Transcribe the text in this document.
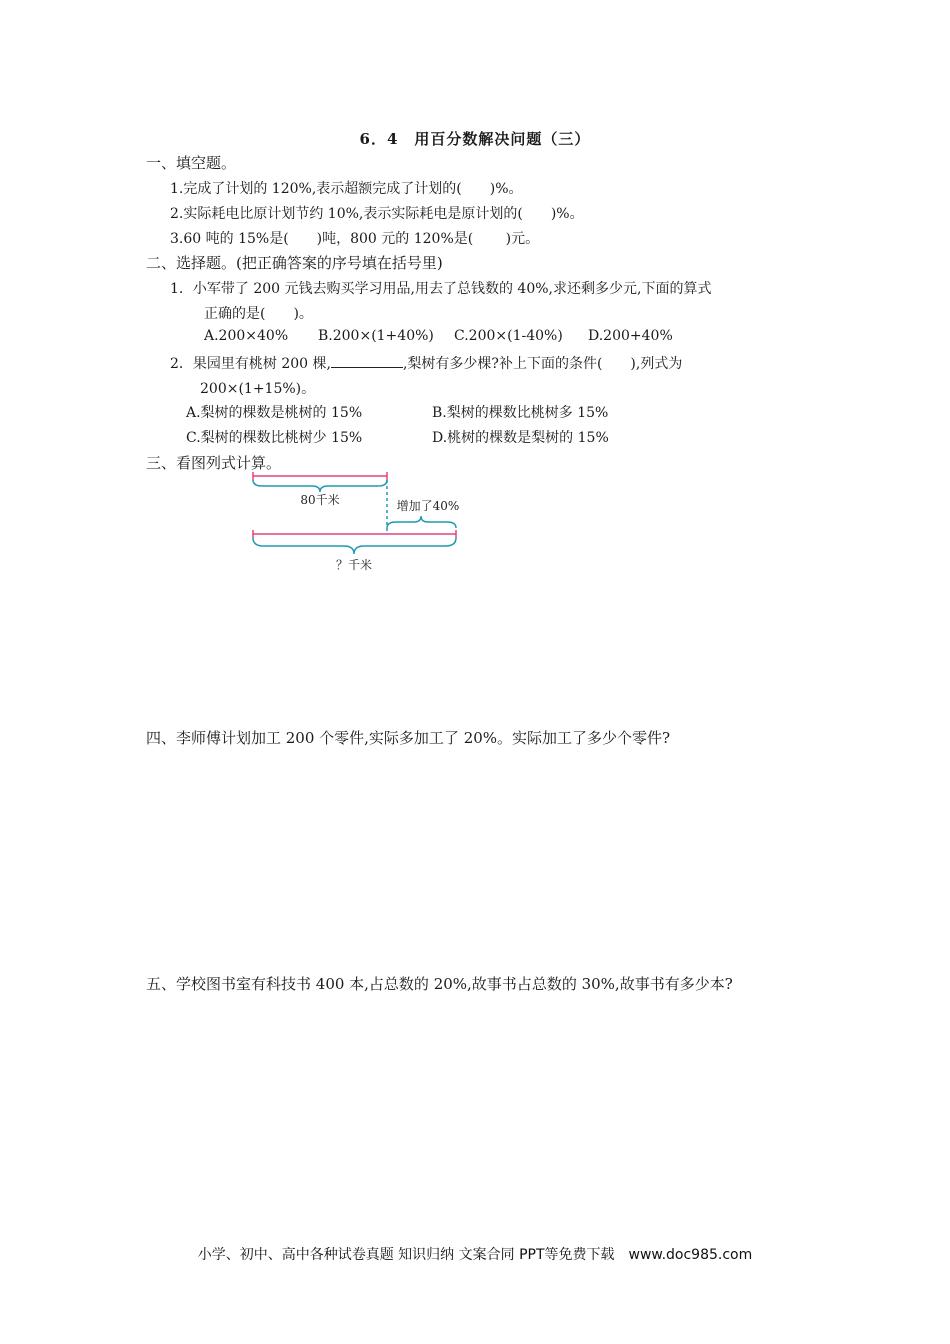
6．4　用百分数解决问题（三）
一、填空题。
1.完成了计划的 120%,表示超额完成了计划的(　　)%。
2.实际耗电比原计划节约 10%,表示实际耗电是原计划的(　　)%。
3.60 吨的 15%是(　　)吨，800 元的 120%是(　　 )元。
二、选择题。(把正确答案的序号填在括号里)
1．小军带了 200 元钱去购买学习用品,用去了总钱数的 40%,求还剩多少元,下面的算式
正确的是(　　)。
A.200×40% B.200×(1+40%) C.200×(1-40%) D.200+40%
2．果园里有桃树 200 棵,	,梨树有多少棵?补上下面的条件(　　),列式为
200×(1+15%)。
A.梨树的棵数是桃树的 15%	B.梨树的棵数比桃树多 15%
C.梨树的棵数比桃树少 15%	D.桃树的棵数是梨树的 15%
三、看图列式计算。
80千米	增加了40%
？千米
四、李师傅计划加工 200 个零件,实际多加工了 20%。实际加工了多少个零件?
五、学校图书室有科技书 400 本,占总数的 20%,故事书占总数的 30%,故事书有多少本?
小学、初中、高中各种试卷真题 知识归纳 文案合同 PPT等免费下载　www.doc985.com
